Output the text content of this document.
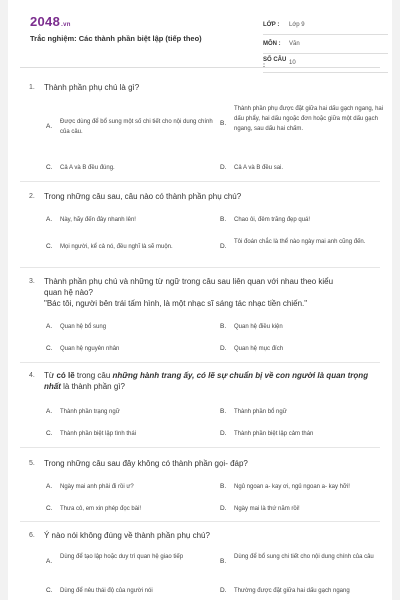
2048.vn
Trắc nghiệm: Các thành phần biệt lập (tiếp theo)
LỚP :	Lớp 9
MÔN :	Văn
SỐ CÂU :	10
1. Thành phần phụ chú là gì?
A.
Được dùng để bổ sung một số chi tiết cho nội dung chính của câu.
B.
Thành phần phụ được đặt giữa hai dấu gạch ngang, hai dấu phẩy, hai dấu ngoặc đơn hoặc giữa một dấu gạch ngang, sau dấu hai chấm.
C.	Cả A và B đều đúng.	D.	Cả A và B đều sai.
2. Trong những câu sau, câu nào có thành phần phụ chú?
A.	Này, hãy đến đây nhanh lên!	B.	Chao ôi, đêm trăng đẹp quá!
C.	Mọi người, kể cả nó, đều nghĩ là sẽ muộn.	D.
Tôi đoán chắc là thể nào ngày mai anh cũng đến.
3. Thành phần phụ chú và những từ ngữ trong câu sau liên quan với nhau theo kiểu
quan hệ nào?
"Bác tôi, người bên trái tấm hình, là một nhạc sĩ sáng tác nhạc tiền chiến."
A.	Quan hệ bổ sung	B.	Quan hệ điều kiện
C.	Quan hệ nguyên nhân	D.	Quan hệ mục đích
4. Từ có lẽ trong câu những hành trang ấy, có lẽ sự chuẩn bị về con người là quan trọng nhất là thành phần gì?
A.	Thành phần trạng ngữ	B.	Thành phần bổ ngữ
C.	Thành phần biệt lập tình thái	D.	Thành phần biệt lập cảm thán
5. Trong những câu sau đây không có thành phần gọi- đáp?
A.	Ngày mai anh phải đi rồi ư?	B.	Ngủ ngoan a- kay ơi, ngủ ngoan a- kay hỡi!
C.	Thưa cô, em xin phép đọc bài!	D.	Ngày mai là thứ năm rồi!
6. Ý nào nói không đúng về thành phần phụ chú?
A.
Dùng để tạo lập hoặc duy trì quan hệ giao tiếp
B.
Dùng để bổ sung chi tiết cho nội dung chính của câu
C.	Dùng để nêu thái độ của người nói	D.	Thường được đặt giữa hai dấu gạch ngang
